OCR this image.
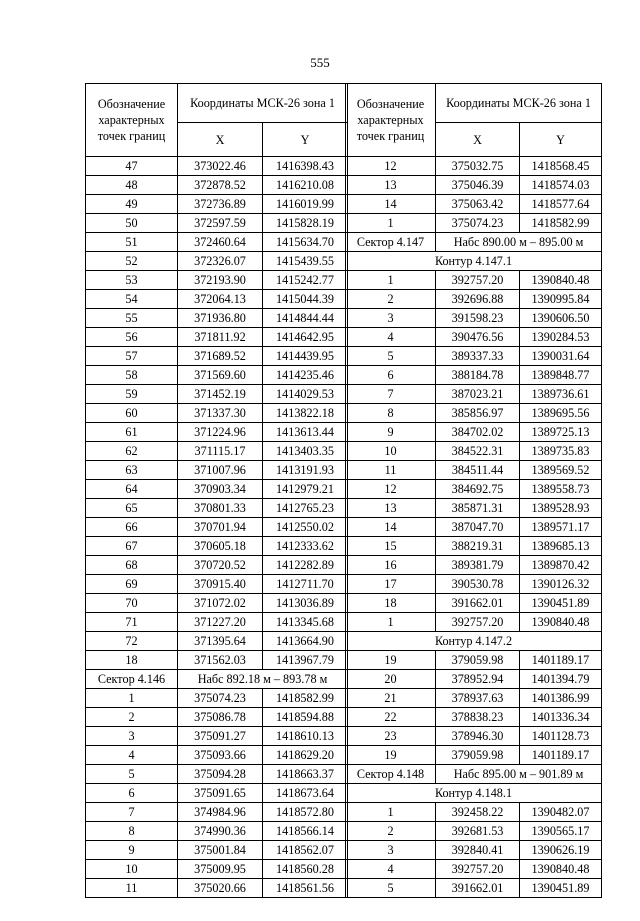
555
Обозначение характерных точек границ	Координаты МСК-26 зона 1	
	X	Y
47	373022.46	1416398.43
48	372878.52	1416210.08
49	372736.89	1416019.99
50	372597.59	1415828.19
51	372460.64	1415634.70
52	372326.07	1415439.55
53	372193.90	1415242.77
54	372064.13	1415044.39
55	371936.80	1414844.44
56	371811.92	1414642.95
57	371689.52	1414439.95
58	371569.60	1414235.46
59	371452.19	1414029.53
60	371337.30	1413822.18
61	371224.96	1413613.44
62	371115.17	1413403.35
63	371007.96	1413191.93
64	370903.34	1412979.21
65	370801.33	1412765.23
66	370701.94	1412550.02
67	370605.18	1412333.62
68	370720.52	1412282.89
69	370915.40	1412711.70
70	371072.02	1413036.89
71	371227.20	1413345.68
72	371395.64	1413664.90
18	371562.03	1413967.79
Сектор 4.146	Набс 892.18 м – 893.78 м	
1	375074.23	1418582.99
2	375086.78	1418594.88
3	375091.27	1418610.13
4	375093.66	1418629.20
5	375094.28	1418663.37
6	375091.65	1418673.64
7	374984.96	1418572.80
8	374990.36	1418566.14
9	375001.84	1418562.07
10	375009.95	1418560.28
11	375020.66	1418561.56
Обозначение характерных точек границ	Координаты МСК-26 зона 1	
	X	Y
12	375032.75	1418568.45
13	375046.39	1418574.03
14	375063.42	1418577.64
1	375074.23	1418582.99
Сектор 4.147	Набс 890.00 м – 895.00 м	
Контур 4.147.1		
1	392757.20	1390840.48
2	392696.88	1390995.84
3	391598.23	1390606.50
4	390476.56	1390284.53
5	389337.33	1390031.64
6	388184.78	1389848.77
7	387023.21	1389736.61
8	385856.97	1389695.56
9	384702.02	1389725.13
10	384522.31	1389735.83
11	384511.44	1389569.52
12	384692.75	1389558.73
13	385871.31	1389528.93
14	387047.70	1389571.17
15	388219.31	1389685.13
16	389381.79	1389870.42
17	390530.78	1390126.32
18	391662.01	1390451.89
1	392757.20	1390840.48
Контур 4.147.2		
19	379059.98	1401189.17
20	378952.94	1401394.79
21	378937.63	1401386.99
22	378838.23	1401336.34
23	378946.30	1401128.73
19	379059.98	1401189.17
Сектор 4.148	Набс 895.00 м – 901.89 м	
Контур 4.148.1		
1	392458.22	1390482.07
2	392681.53	1390565.17
3	392840.41	1390626.19
4	392757.20	1390840.48
5	391662.01	1390451.89
